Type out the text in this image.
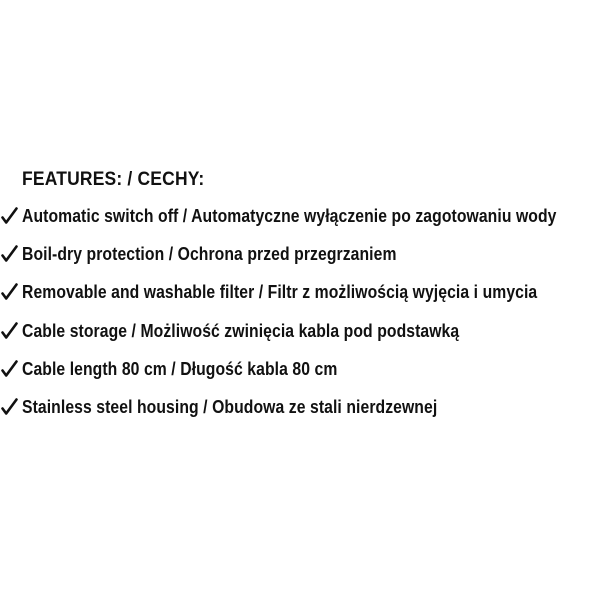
FEATURES: / CECHY:
Automatic switch off / Automatyczne wyłączenie po zagotowaniu wody
Boil-dry protection / Ochrona przed przegrzaniem
Removable and washable filter / Filtr z możliwością wyjęcia i umycia
Cable storage / Możliwość zwinięcia kabla pod podstawką
Cable length 80 cm / Długość kabla 80 cm
Stainless steel housing / Obudowa ze stali nierdzewnej
